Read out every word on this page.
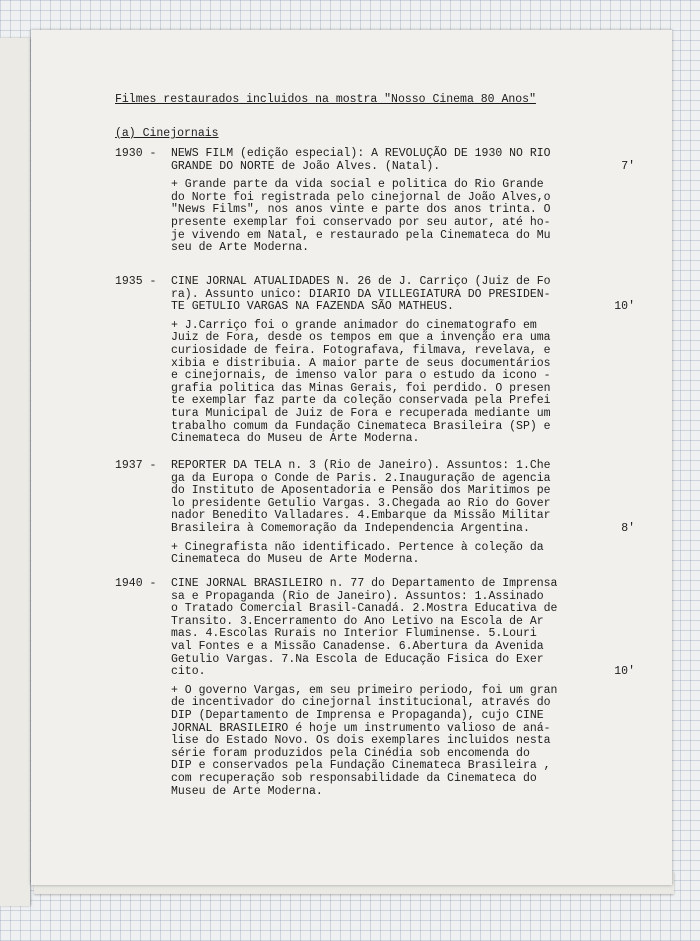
Filmes restaurados incluidos na mostra "Nosso Cinema 80 Anos"
(a) Cinejornais
1930 -	NEWS FILM (edição especial): A REVOLUÇÃO DE 1930 NO RIO
GRANDE DO NORTE de João Alves. (Natal).	7'
+ Grande parte da vida social e politica do Rio Grande
do Norte foi registrada pelo cinejornal de João Alves,o
"News Films", nos anos vinte e parte dos anos trinta. O
presente exemplar foi conservado por seu autor, até ho-
je vivendo em Natal, e restaurado pela Cinemateca do Mu
seu de Arte Moderna.
1935 -	CINE JORNAL ATUALIDADES N. 26 de J. Carriço (Juiz de Fo
ra). Assunto unico: DIARIO DA VILLEGIATURA DO PRESIDEN-
TE GETULIO VARGAS NA FAZENDA SÃO MATHEUS.	10'
+ J.Carriço foi o grande animador do cinematografo em
Juiz de Fora, desde os tempos em que a invenção era uma
curiosidade de feira. Fotografava, filmava, revelava, e
xibia e distribuia. A maior parte de seus documentários
e cinejornais, de imenso valor para o estudo da icono -
grafia politica das Minas Gerais, foi perdido. O presen
te exemplar faz parte da coleção conservada pela Prefei
tura Municipal de Juiz de Fora e recuperada mediante um
trabalho comum da Fundação Cinemateca Brasileira (SP) e
Cinemateca do Museu de Arte Moderna.
1937 -	REPORTER DA TELA n. 3 (Rio de Janeiro). Assuntos: 1.Che
ga da Europa o Conde de Paris. 2.Inauguração de agencia
do Instituto de Aposentadoria e Pensão dos Maritimos pe
lo presidente Getulio Vargas. 3.Chegada ao Rio do Gover
nador Benedito Valladares. 4.Embarque da Missão Militar
Brasileira à Comemoração da Independencia Argentina.	8'
+ Cinegrafista não identificado. Pertence à coleção da
Cinemateca do Museu de Arte Moderna.
1940 -	CINE JORNAL BRASILEIRO n. 77 do Departamento de Imprensa
sa e Propaganda (Rio de Janeiro). Assuntos: 1.Assinado
o Tratado Comercial Brasil-Canadá. 2.Mostra Educativa de
Transito. 3.Encerramento do Ano Letivo na Escola de Ar
mas. 4.Escolas Rurais no Interior Fluminense. 5.Louri
val Fontes e a Missão Canadense. 6.Abertura da Avenida
Getulio Vargas. 7.Na Escola de Educação Fisica do Exer
cito.	10'
+ O governo Vargas, em seu primeiro periodo, foi um gran
de incentivador do cinejornal institucional, através do
DIP (Departamento de Imprensa e Propaganda), cujo CINE
JORNAL BRASILEIRO é hoje um instrumento valioso de aná-
lise do Estado Novo. Os dois exemplares incluidos nesta
série foram produzidos pela Cinédia sob encomenda do
DIP e conservados pela Fundação Cinemateca Brasileira ,
com recuperação sob responsabilidade da Cinemateca do
Museu de Arte Moderna.
